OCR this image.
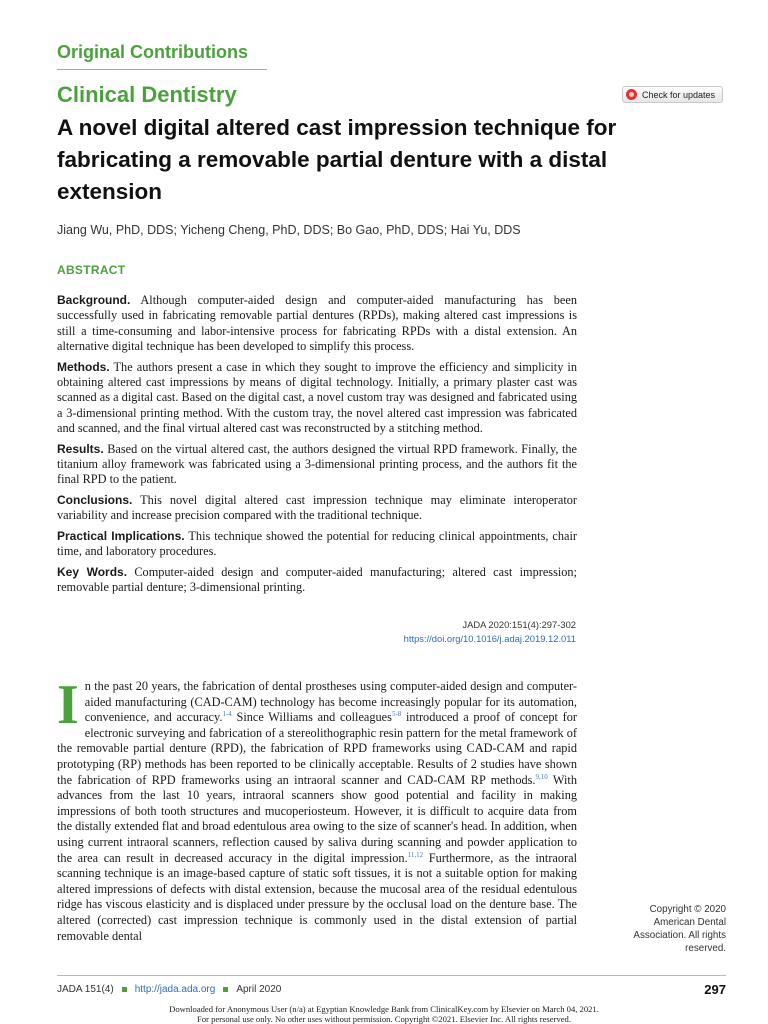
Original Contributions
Clinical Dentistry
A novel digital altered cast impression technique for fabricating a removable partial denture with a distal extension
Check for updates
Jiang Wu, PhD, DDS; Yicheng Cheng, PhD, DDS; Bo Gao, PhD, DDS; Hai Yu, DDS
ABSTRACT

Background. Although computer-aided design and computer-aided manufacturing has been successfully used in fabricating removable partial dentures (RPDs), making altered cast impressions is still a time-consuming and labor-intensive process for fabricating RPDs with a distal extension. An alternative digital technique has been developed to simplify this process.

Methods. The authors present a case in which they sought to improve the efficiency and simplicity in obtaining altered cast impressions by means of digital technology. Initially, a primary plaster cast was scanned as a digital cast. Based on the digital cast, a novel custom tray was designed and fabricated using a 3-dimensional printing method. With the custom tray, the novel altered cast impression was fabricated and scanned, and the final virtual altered cast was reconstructed by a stitching method.

Results. Based on the virtual altered cast, the authors designed the virtual RPD framework. Finally, the titanium alloy framework was fabricated using a 3-dimensional printing process, and the authors fit the final RPD to the patient.

Conclusions. This novel digital altered cast impression technique may eliminate interoperator variability and increase precision compared with the traditional technique.

Practical Implications. This technique showed the potential for reducing clinical appointments, chair time, and laboratory procedures.

Key Words. Computer-aided design and computer-aided manufacturing; altered cast impression; removable partial denture; 3-dimensional printing.

JADA 2020:151(4):297-302
https://doi.org/10.1016/j.adaj.2019.12.011

In the past 20 years, the fabrication of dental prostheses using computer-aided design and computer-aided manufacturing (CAD-CAM) technology has become increasingly popular for its automation, convenience, and accuracy.$^{1-4}$ Since Williams and colleagues$^{5-8}$ introduced a proof of concept for electronic surveying and fabrication of a stereolithographic resin pattern for the metal framework of the removable partial denture (RPD), the fabrication of RPD frameworks using CAD-CAM and rapid prototyping (RP) methods has been reported to be clinically acceptable. Results of 2 studies have shown the fabrication of RPD frameworks using an intraoral scanner and CAD-CAM RP methods.$^{9,10}$ With advances from the last 10 years, intraoral scanners show good potential and facility in making impressions of both tooth structures and mucoperiosteum. However, it is difficult to acquire data from the distally extended flat and broad edentulous area owing to the size of scanner's head. In addition, when using current intraoral scanners, reflection caused by saliva during scanning and powder application to the area can result in decreased accuracy in the digital impression.$^{11,12}$ Furthermore, as the intraoral scanning technique is an image-based capture of static soft tissues, it is not a suitable option for making altered impressions of defects with distal extension, because the mucosal area of the residual edentulous ridge has viscous elasticity and is displaced under pressure by the occlusal load on the denture base. The altered (corrected) cast impression technique is commonly used in the distal extension of partial removable dental

Copyright © 2020
American Dental
Association. All rights
reserved.
JADA 151(4) http://jada.ada.org April 2020	297
Downloaded for Anonymous User (n/a) at Egyptian Knowledge Bank from ClinicalKey.com by Elsevier on March 04, 2021.
For personal use only. No other uses without permission. Copyright ©2021. Elsevier Inc. All rights reserved.
